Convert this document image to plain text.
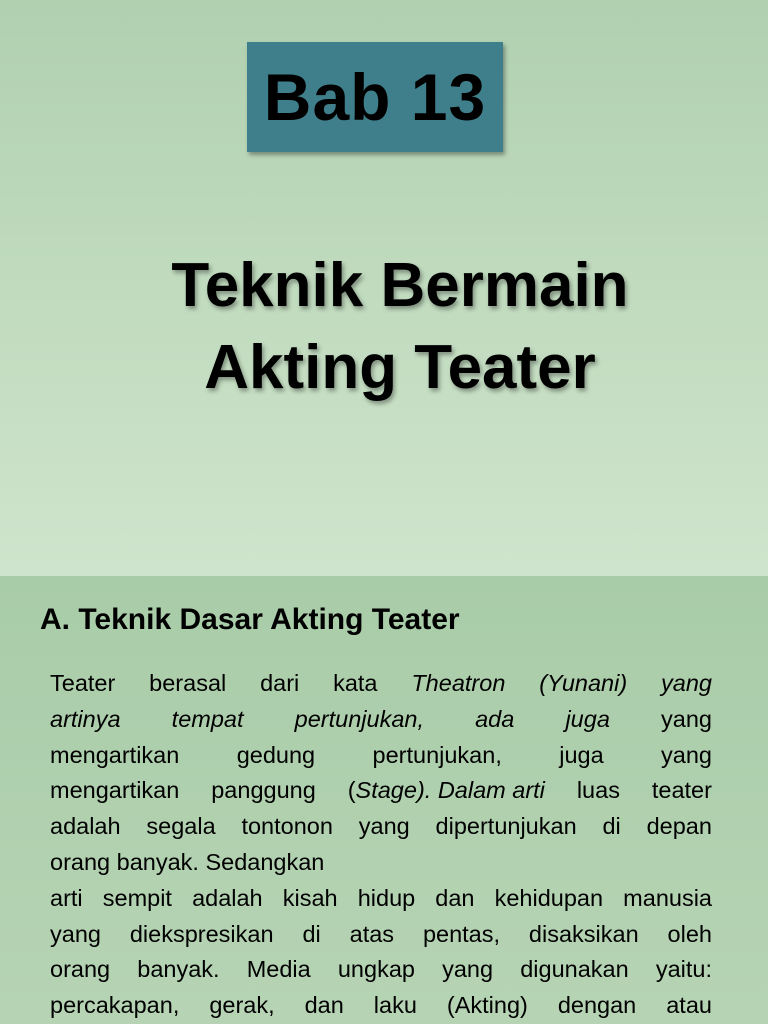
Bab 13
Teknik Bermain
Akting Teater
A. Teknik Dasar Akting Teater
Teater berasal dari kata Theatron (Yunani) yang
artinya tempat pertunjukan, ada juga yang
mengartikan gedung pertunjukan, juga yang
mengartikan panggung (Stage). Dalam arti luas teater
adalah segala tontonon yang dipertunjukan di depan
orang banyak. Sedangkan
arti sempit adalah kisah hidup dan kehidupan manusia
yang diekspresikan di atas pentas, disaksikan oleh
orang banyak. Media ungkap yang digunakan yaitu:
percakapan, gerak, dan laku (Akting) dengan atau
